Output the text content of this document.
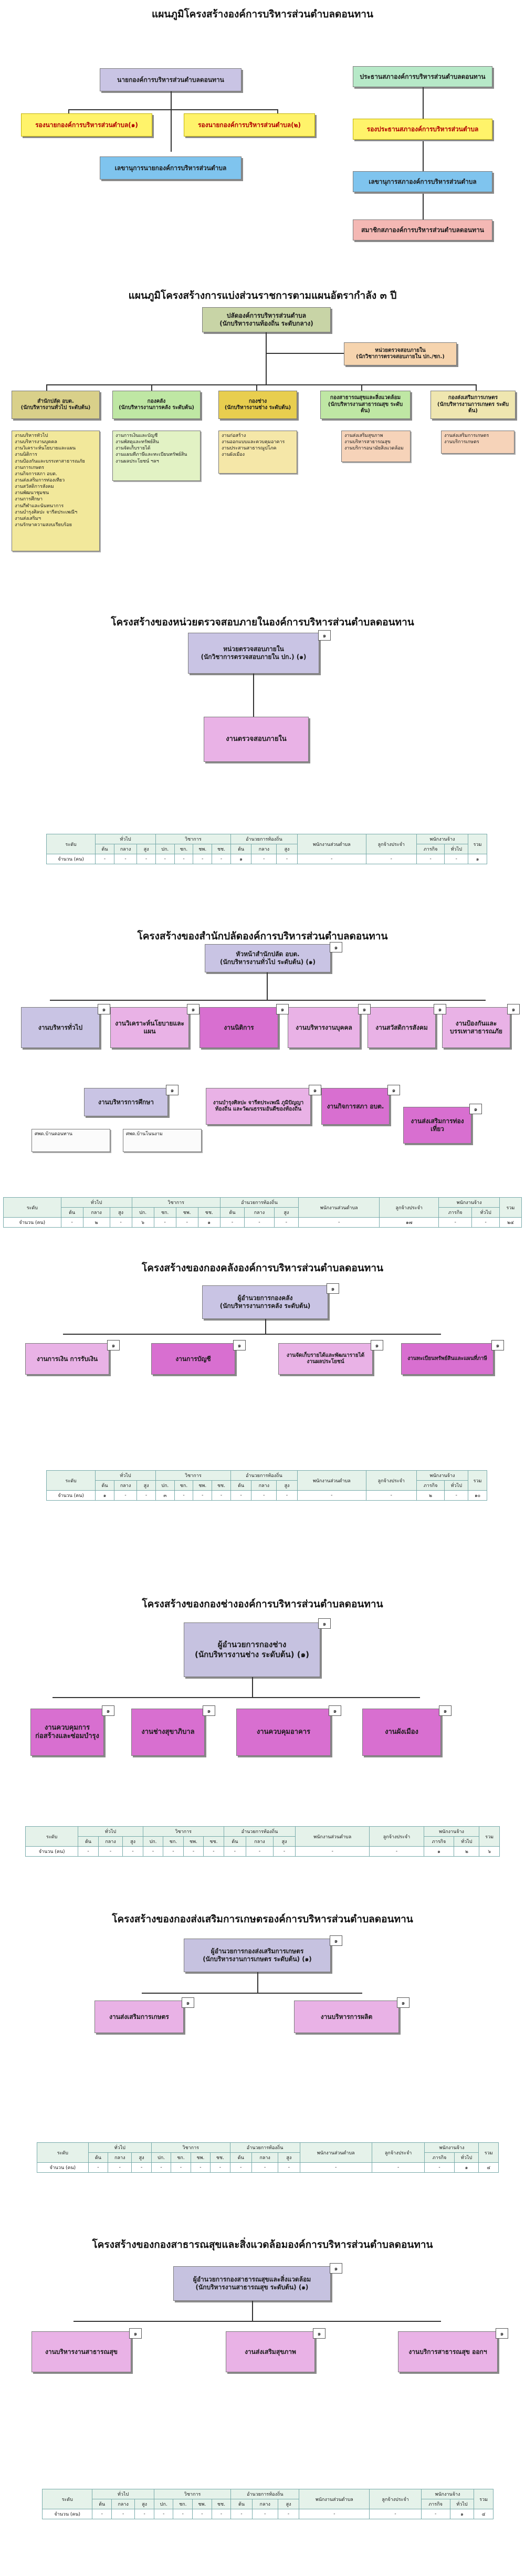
แผนภูมิโครงสร้างองค์การบริหารส่วนตำบลดอนทาน
นายกองค์การบริหารส่วนตำบลดอนทาน
รองนายกองค์การบริหารส่วนตำบล(๑)	รองนายกองค์การบริหารส่วนตำบล(๒)
เลขานุการนายกองค์การบริหารส่วนตำบล
ประธานสภาองค์การบริหารส่วนตำบลดอนทาน
รองประธานสภาองค์การบริหารส่วนตำบล
เลขานุการสภาองค์การบริหารส่วนตำบล
สมาชิกสภาองค์การบริหารส่วนตำบลดอนทาน
แผนภูมิโครงสร้างการแบ่งส่วนราชการตามแผนอัตรากำลัง ๓ ปี
ปลัดองค์การบริหารส่วนตำบล
(นักบริหารงานท้องถิ่น ระดับกลาง)
หน่วยตรวจสอบภายใน
(นักวิชาการตรวจสอบภายใน ปก./ชก.)
สำนักปลัด อบต.
(นักบริหารงานทั่วไป ระดับต้น)
กองคลัง
(นักบริหารงานการคลัง ระดับต้น)
กองช่าง
(นักบริหารงานช่าง ระดับต้น)
กองสาธารณสุขและสิ่งแวดล้อม
(นักบริหารงานสาธารณสุข ระดับต้น)
กองส่งเสริมการเกษตร
(นักบริหารงานการเกษตร ระดับต้น)
งานบริหารทั่วไป
งานบริหารงานบุคคล
งานวิเคราะห์นโยบายและแผน
งานนิติการ
งานป้องกันและบรรเทาสาธารณภัย
งานการเกษตร
งานกิจการสภา อบต.
งานส่งเสริมการท่องเที่ยว
งานสวัสดิการสังคม
งานพัฒนาชุมชน
งานการศึกษา
งานกีฬาและนันทนาการ
งานบำรุงศิลปะ จารีตประเพณีฯ
งานส่งเสริมฯ
งานรักษาความสงบเรียบร้อย
งานการเงินและบัญชี
งานพัสดุและทรัพย์สิน
งานจัดเก็บรายได้
งานแผนที่ภาษีและทะเบียนทรัพย์สิน
งานผลประโยชน์ ฯลฯ
งานก่อสร้าง
งานออกแบบและควบคุมอาคาร
งานประสานสาธารณูปโภค
งานผังเมือง
งานส่งเสริมสุขภาพ
งานบริหารสาธารณสุข
งานบริการอนามัยสิ่งแวดล้อม
งานส่งเสริมการเกษตร
งานบริการเกษตร
โครงสร้างของหน่วยตรวจสอบภายในองค์การบริหารส่วนตำบลดอนทาน
หน่วยตรวจสอบภายใน
(นักวิชาการตรวจสอบภายใน ปก.) (๑)
๑
งานตรวจสอบภายใน
ระดับ	ทั่วไป			วิชาการ				อำนวยการท้องถิ่น			พนักงานส่วนตำบล	ลูกจ้างประจำ	พนักงานจ้าง		รวม
	ต้น	กลาง	สูง	ปก.	ชก.	ชพ.	ชช.	ต้น	กลาง	สูง			ภารกิจ	ทั่วไป	
จำนวน (คน)	-	-	-	-	-	-	-	๑	-	-	-	-	-	-	๑
โครงสร้างของสำนักปลัดองค์การบริหารส่วนตำบลดอนทาน
หัวหน้าสำนักปลัด อบต.
(นักบริหารงานทั่วไป ระดับต้น) (๑)
๑
งานบริหารทั่วไป
งานวิเคราะห์นโยบายและแผน
งานนิติการ	งานบริหารงานบุคคล	งานสวัสดิการสังคม
งานป้องกันและบรรเทาสาธารณภัย
๑	๑	๑	๑	๑	๑
งานบริหารการศึกษา	งานบำรุงศิลปะ จารีตประเพณี ภูมิปัญญาท้องถิ่น และวัฒนธรรมอันดีของท้องถิ่น	งานกิจการสภา อบต.
งานส่งเสริมการท่องเที่ยว
๑	๑	๑
๑
ศพด.บ้านดอนทาน	ศพด.บ้านโนนงาม
ระดับ	ทั่วไป			วิชาการ				อำนวยการท้องถิ่น			พนักงานส่วนตำบล	ลูกจ้างประจำ	พนักงานจ้าง		รวม
	ต้น	กลาง	สูง	ปก.	ชก.	ชพ.	ชช.	ต้น	กลาง	สูง			ภารกิจ	ทั่วไป	
จำนวน (คน)	-	๒	-	๖	-	-	๑	-	-	-	-	๑๗	-	-	๒๔
โครงสร้างของกองคลังองค์การบริหารส่วนตำบลดอนทาน
ผู้อำนวยการกองคลัง
(นักบริหารงานการคลัง ระดับต้น)
๑
งานการเงิน การรับเงิน	งานการบัญชี	งานจัดเก็บรายได้และพัฒนารายได้ งานผลประโยชน์
งานทะเบียนทรัพย์สินและแผนที่ภาษี
๑	๑	๑	๑
ระดับ	ทั่วไป			วิชาการ				อำนวยการท้องถิ่น			พนักงานส่วนตำบล	ลูกจ้างประจำ	พนักงานจ้าง		รวม
	ต้น	กลาง	สูง	ปก.	ชก.	ชพ.	ชช.	ต้น	กลาง	สูง			ภารกิจ	ทั่วไป	
จำนวน (คน)	๑	-	-	๓	-	-	-	-	-	-	-	-	๒	-	๑๐
โครงสร้างของกองช่างองค์การบริหารส่วนตำบลดอนทาน
ผู้อำนวยการกองช่าง
(นักบริหารงานช่าง ระดับต้น) (๑)
๑
งานควบคุมการก่อสร้างและซ่อมบำรุง
งานช่างสุขาภิบาล	งานควบคุมอาคาร	งานผังเมือง
๑	๑	๑	๑
ระดับ	ทั่วไป			วิชาการ				อำนวยการท้องถิ่น			พนักงานส่วนตำบล	ลูกจ้างประจำ	พนักงานจ้าง		รวม
	ต้น	กลาง	สูง	ปก.	ชก.	ชพ.	ชช.	ต้น	กลาง	สูง			ภารกิจ	ทั่วไป	
จำนวน (คน)	-	-	-	-	-	-	-	-	-	-	-	-	๑	๒	๖
โครงสร้างของกองส่งเสริมการเกษตรองค์การบริหารส่วนตำบลดอนทาน
ผู้อำนวยการกองส่งเสริมการเกษตร
(นักบริหารงานการเกษตร ระดับต้น) (๑)
๑
งานส่งเสริมการเกษตร	งานบริหารการผลิต
๑	๑
ระดับ	ทั่วไป			วิชาการ				อำนวยการท้องถิ่น			พนักงานส่วนตำบล	ลูกจ้างประจำ	พนักงานจ้าง		รวม
	ต้น	กลาง	สูง	ปก.	ชก.	ชพ.	ชช.	ต้น	กลาง	สูง			ภารกิจ	ทั่วไป	
จำนวน (คน)	-	-	-	-	-	-	-	-	-	-	-	-	-	๑	๔
โครงสร้างของกองสาธารณสุขและสิ่งแวดล้อมองค์การบริหารส่วนตำบลดอนทาน
ผู้อำนวยการกองสาธารณสุขและสิ่งแวดล้อม
(นักบริหารงานสาธารณสุข ระดับต้น) (๑)
๑
งานบริหารงานสาธารณสุข	งานส่งเสริมสุขภาพ	งานบริการสาธารณสุข ออกฯ
๑	๑	๑
ระดับ	ทั่วไป			วิชาการ				อำนวยการท้องถิ่น			พนักงานส่วนตำบล	ลูกจ้างประจำ	พนักงานจ้าง		รวม
	ต้น	กลาง	สูง	ปก.	ชก.	ชพ.	ชช.	ต้น	กลาง	สูง			ภารกิจ	ทั่วไป	
จำนวน (คน)	-	-	-	-	-	-	-	-	-	-	-	-	-	๑	๔
